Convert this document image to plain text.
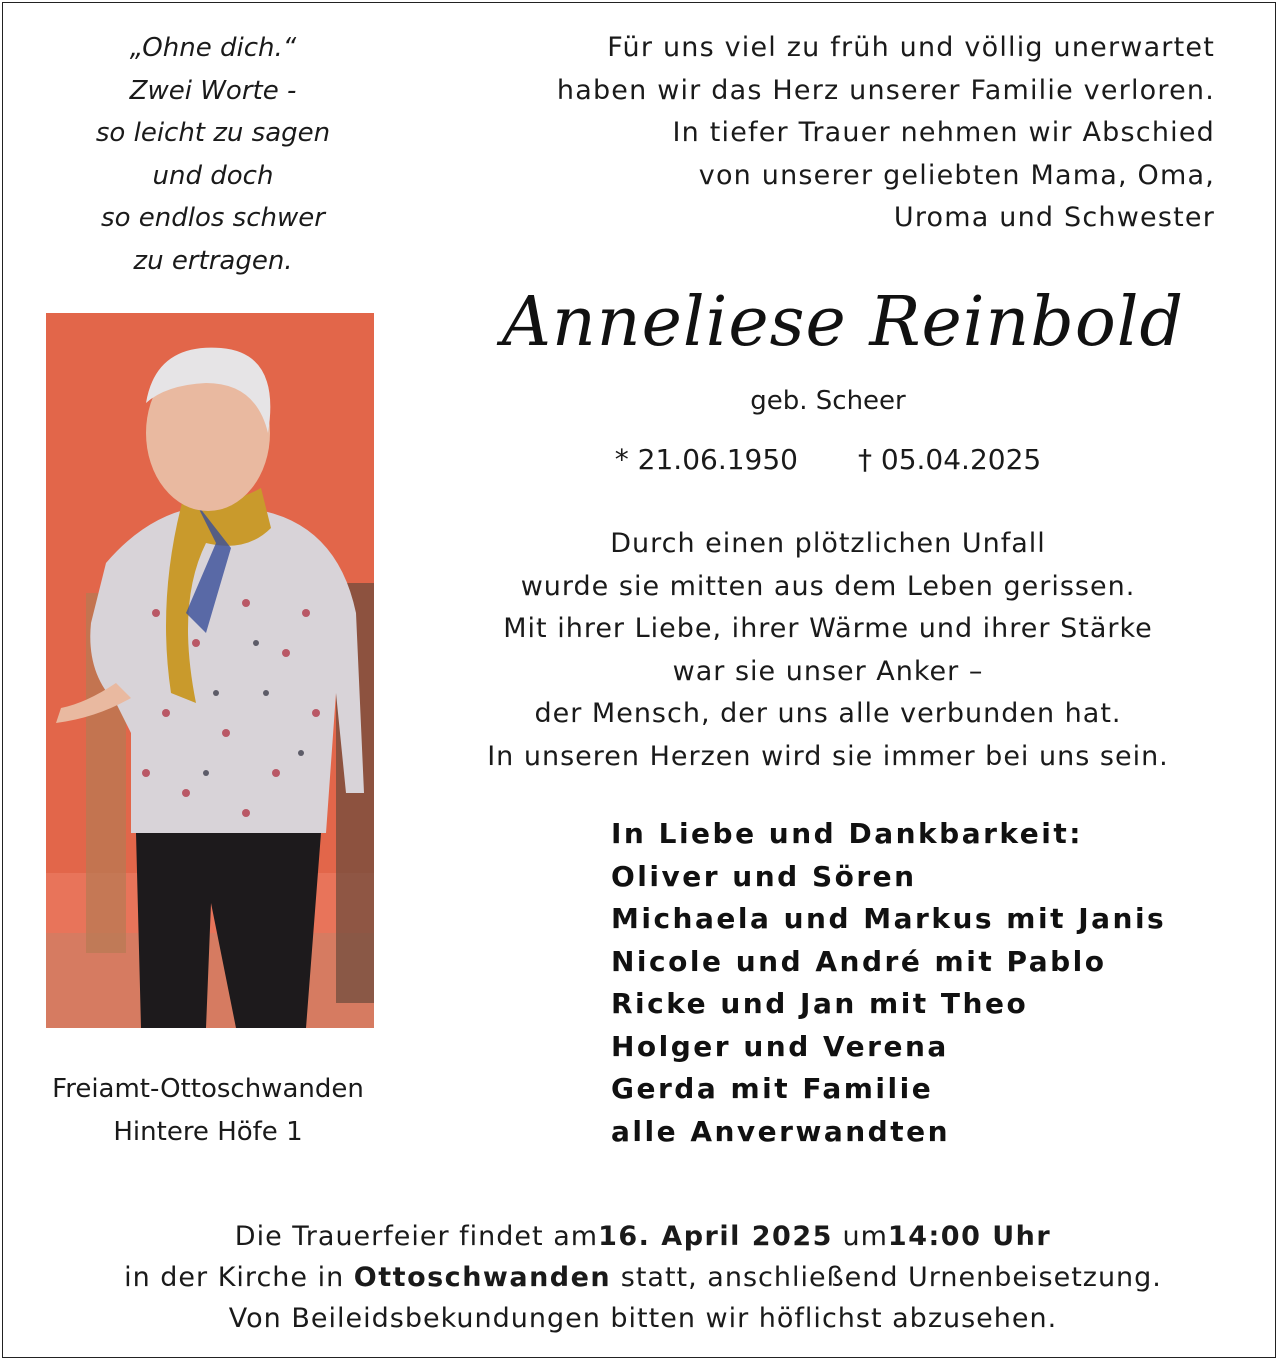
„Ohne dich.“
Zwei Worte -
so leicht zu sagen
und doch
so endlos schwer
zu ertragen.
Für uns viel zu früh und völlig unerwartet
haben wir das Herz unserer Familie verloren.
In tiefer Trauer nehmen wir Abschied
von unserer geliebten Mama, Oma,
Uroma und Schwester
Anneliese Reinbold
geb. Scheer
* 21.06.1950 † 05.04.2025
Durch einen plötzlichen Unfall
wurde sie mitten aus dem Leben gerissen.
Mit ihrer Liebe, ihrer Wärme und ihrer Stärke
war sie unser Anker –
der Mensch, der uns alle verbunden hat.
In unseren Herzen wird sie immer bei uns sein.
In Liebe und Dankbarkeit:
Oliver und Sören
Michaela und Markus mit Janis
Nicole und André mit Pablo
Ricke und Jan mit Theo
Holger und Verena
Gerda mit Familie
alle Anverwandten
Freiamt-Ottoschwanden
Hintere Höfe 1
Die Trauerfeier findet am16. April 2025 um14:00 Uhr
in der Kirche in Ottoschwanden statt, anschließend Urnenbeisetzung.
Von Beileidsbekundungen bitten wir höflichst abzusehen.
